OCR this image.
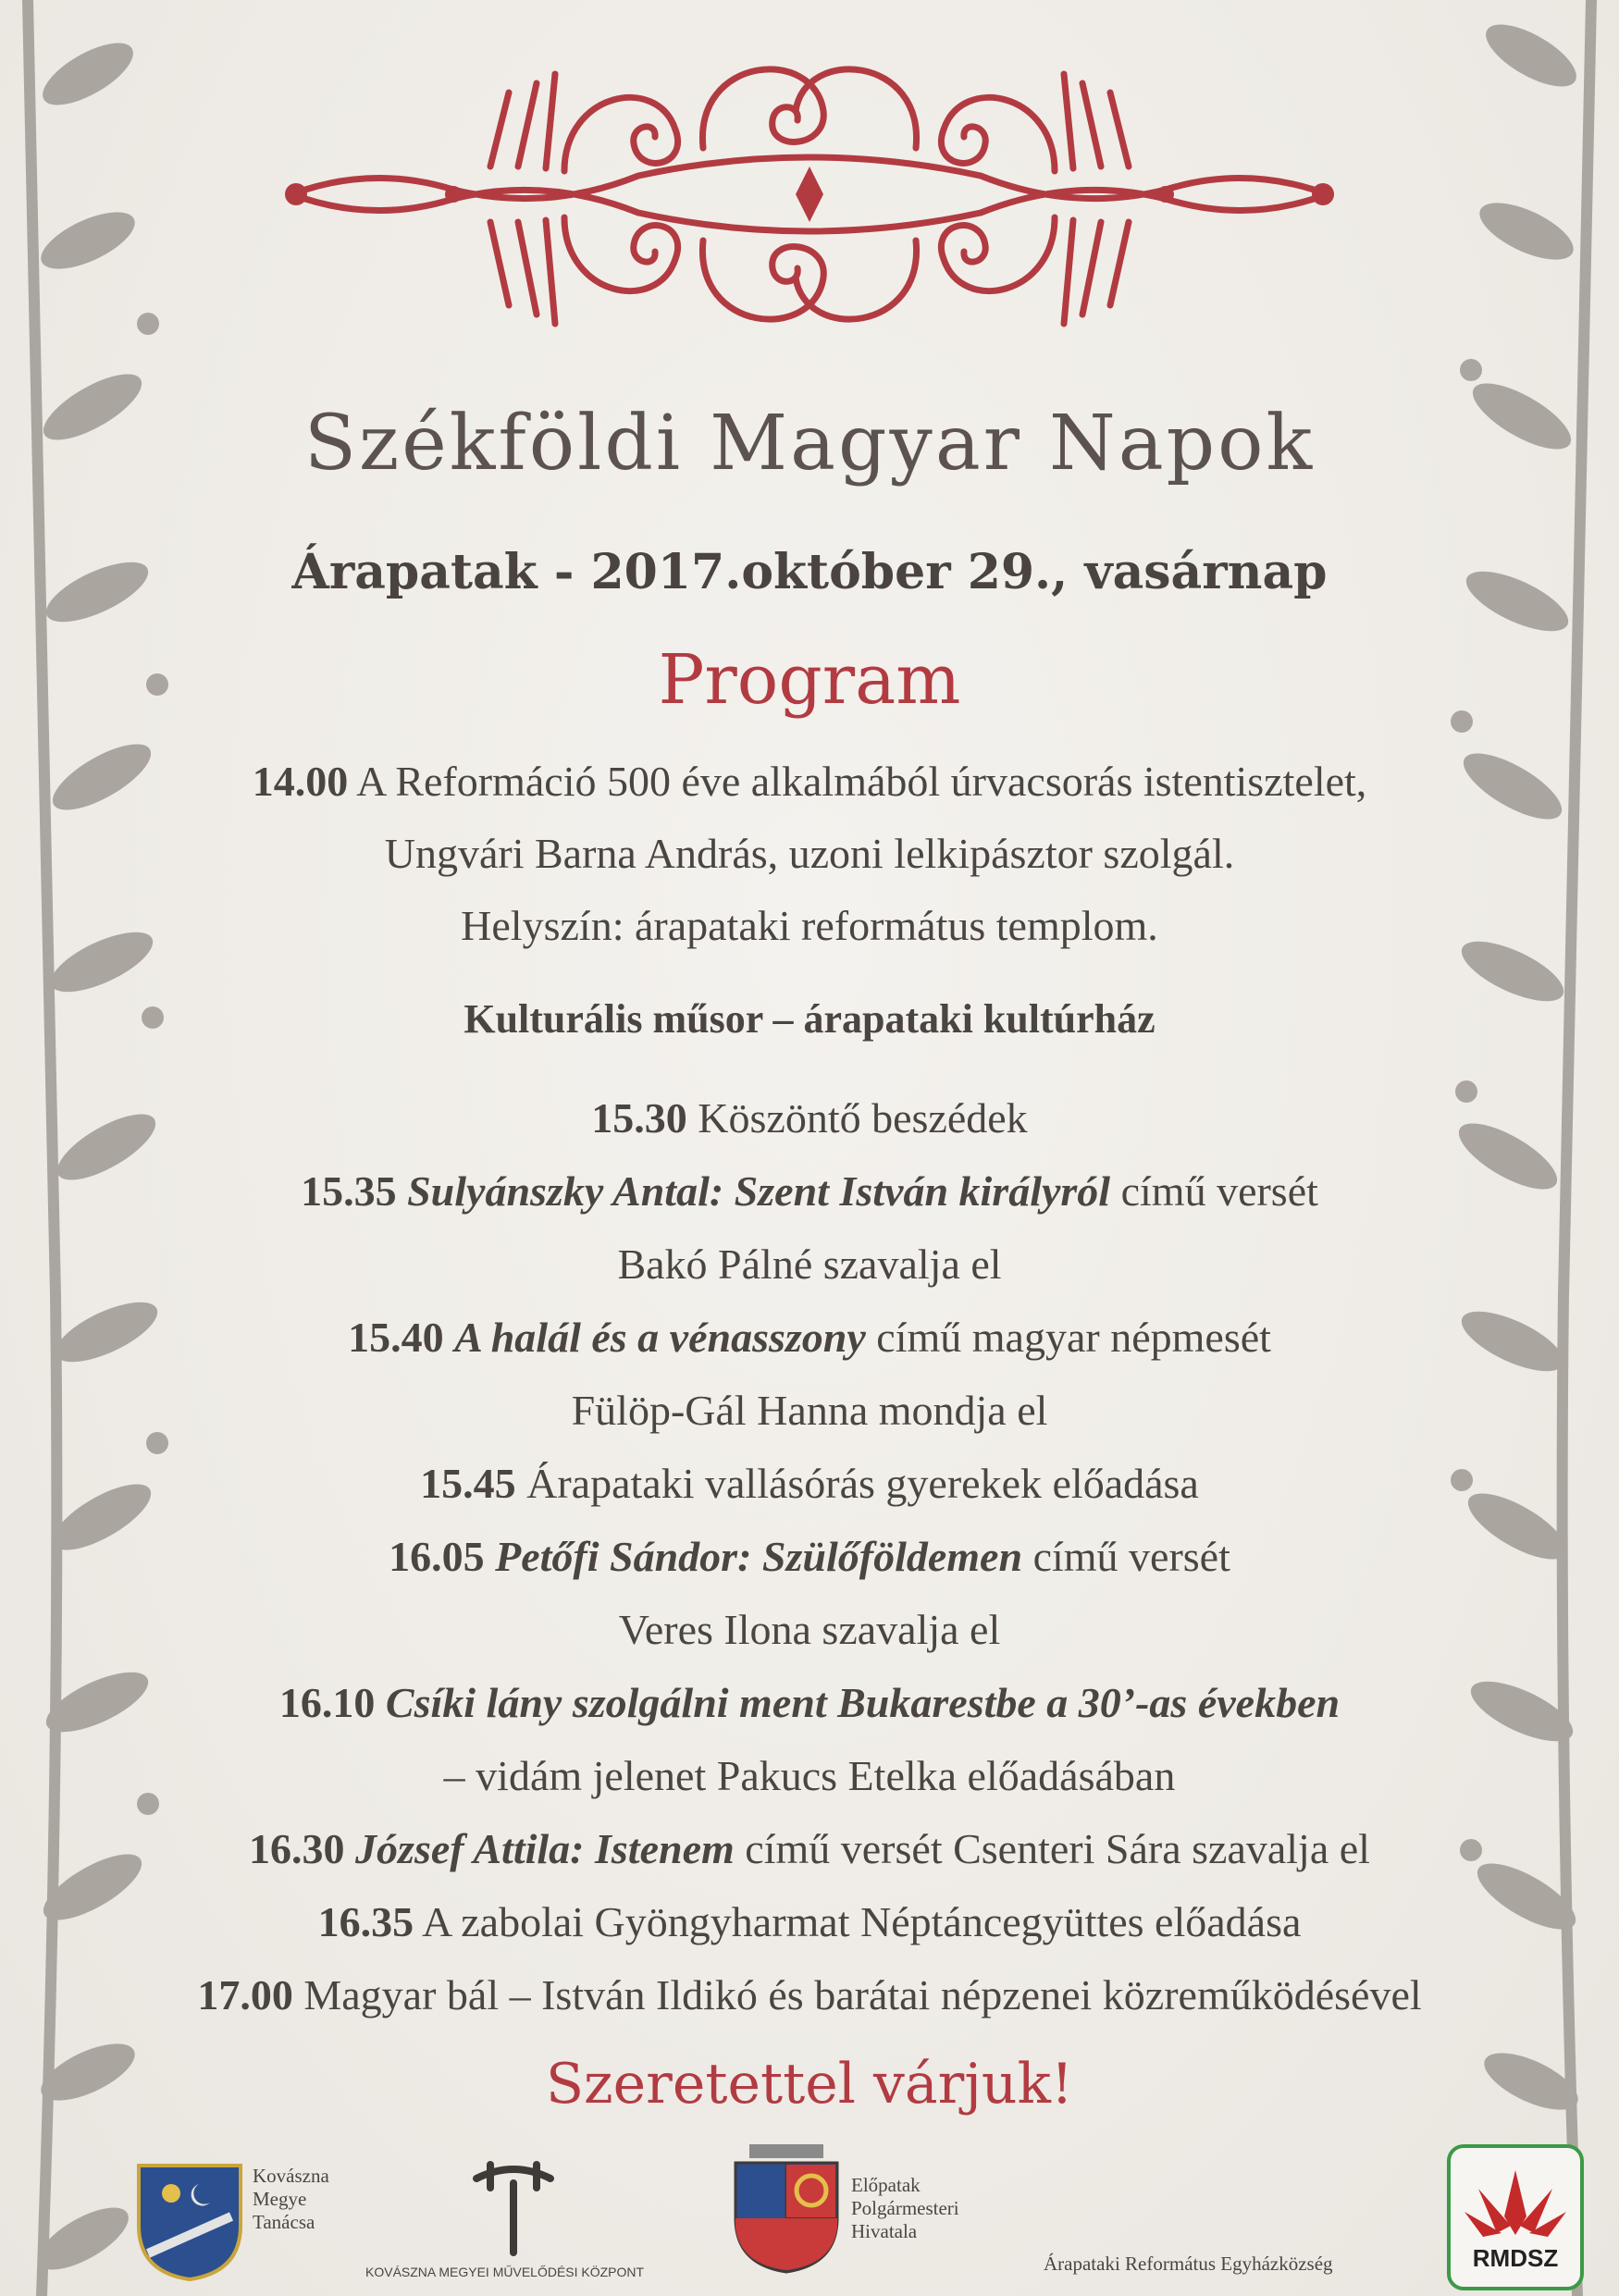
Székföldi Magyar Napok
Árapatak - 2017.október 29., vasárnap
Program
14.00 A Reformáció 500 éve alkalmából úrvacsorás istentisztelet,
Ungvári Barna András, uzoni lelkipásztor szolgál.
Helyszín: árapataki református templom.
Kulturális műsor – árapataki kultúrház
15.30 Köszöntő beszédek
15.35 Sulyánszky Antal: Szent István királyról című versét
Bakó Pálné szavalja el
15.40 A halál és a vénasszony című magyar népmesét
Fülöp-Gál Hanna mondja el
15.45 Árapataki vallásórás gyerekek előadása
16.05 Petőfi Sándor: Szülőföldemen című versét
Veres Ilona szavalja el
16.10 Csíki lány szolgálni ment Bukarestbe a 30’-as években
– vidám jelenet Pakucs Etelka előadásában
16.30 József Attila: Istenem című versét Csenteri Sára szavalja el
16.35 A zabolai Gyöngyharmat Néptáncegyüttes előadása
17.00 Magyar bál – István Ildikó és barátai népzenei közreműködésével
Szeretettel várjuk!
Kovászna
Megye
Tanácsa
KOVÁSZNA MEGYEI MŰVELŐDÉSI KÖZPONT
Előpatak
Polgármesteri
Hivatala
Árapataki Református Egyházközség	RMDSZ
